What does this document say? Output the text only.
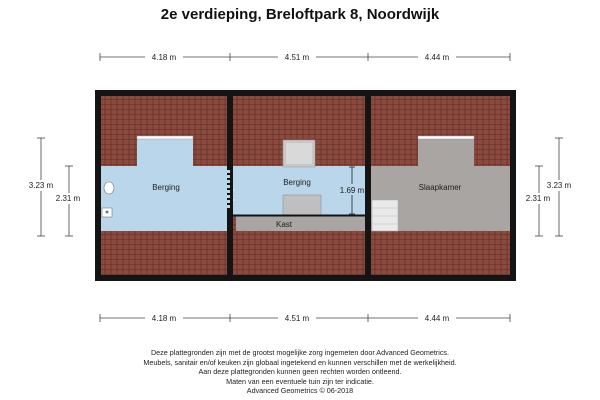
2e verdieping, Breloftpark 8, Noordwijk
4.18 m	4.51 m	4.44 m
4.18 m	4.51 m	4.44 m
3.23 m
2.31 m
3.23 m
2.31 m
Berging
Berging
Kast
1.69 m	Slaapkamer
Deze plattegronden zijn met de grootst mogelijke zorg ingemeten door Advanced Geometrics.
Meubels, sanitair en/of keuken zijn globaal ingetekend en kunnen verschillen met de werkelijkheid.
Aan deze plattegronden kunnen geen rechten worden ontleend.
Maten van een eventuele tuin zijn ter indicatie.
Advanced Geometrics © 06-2018
